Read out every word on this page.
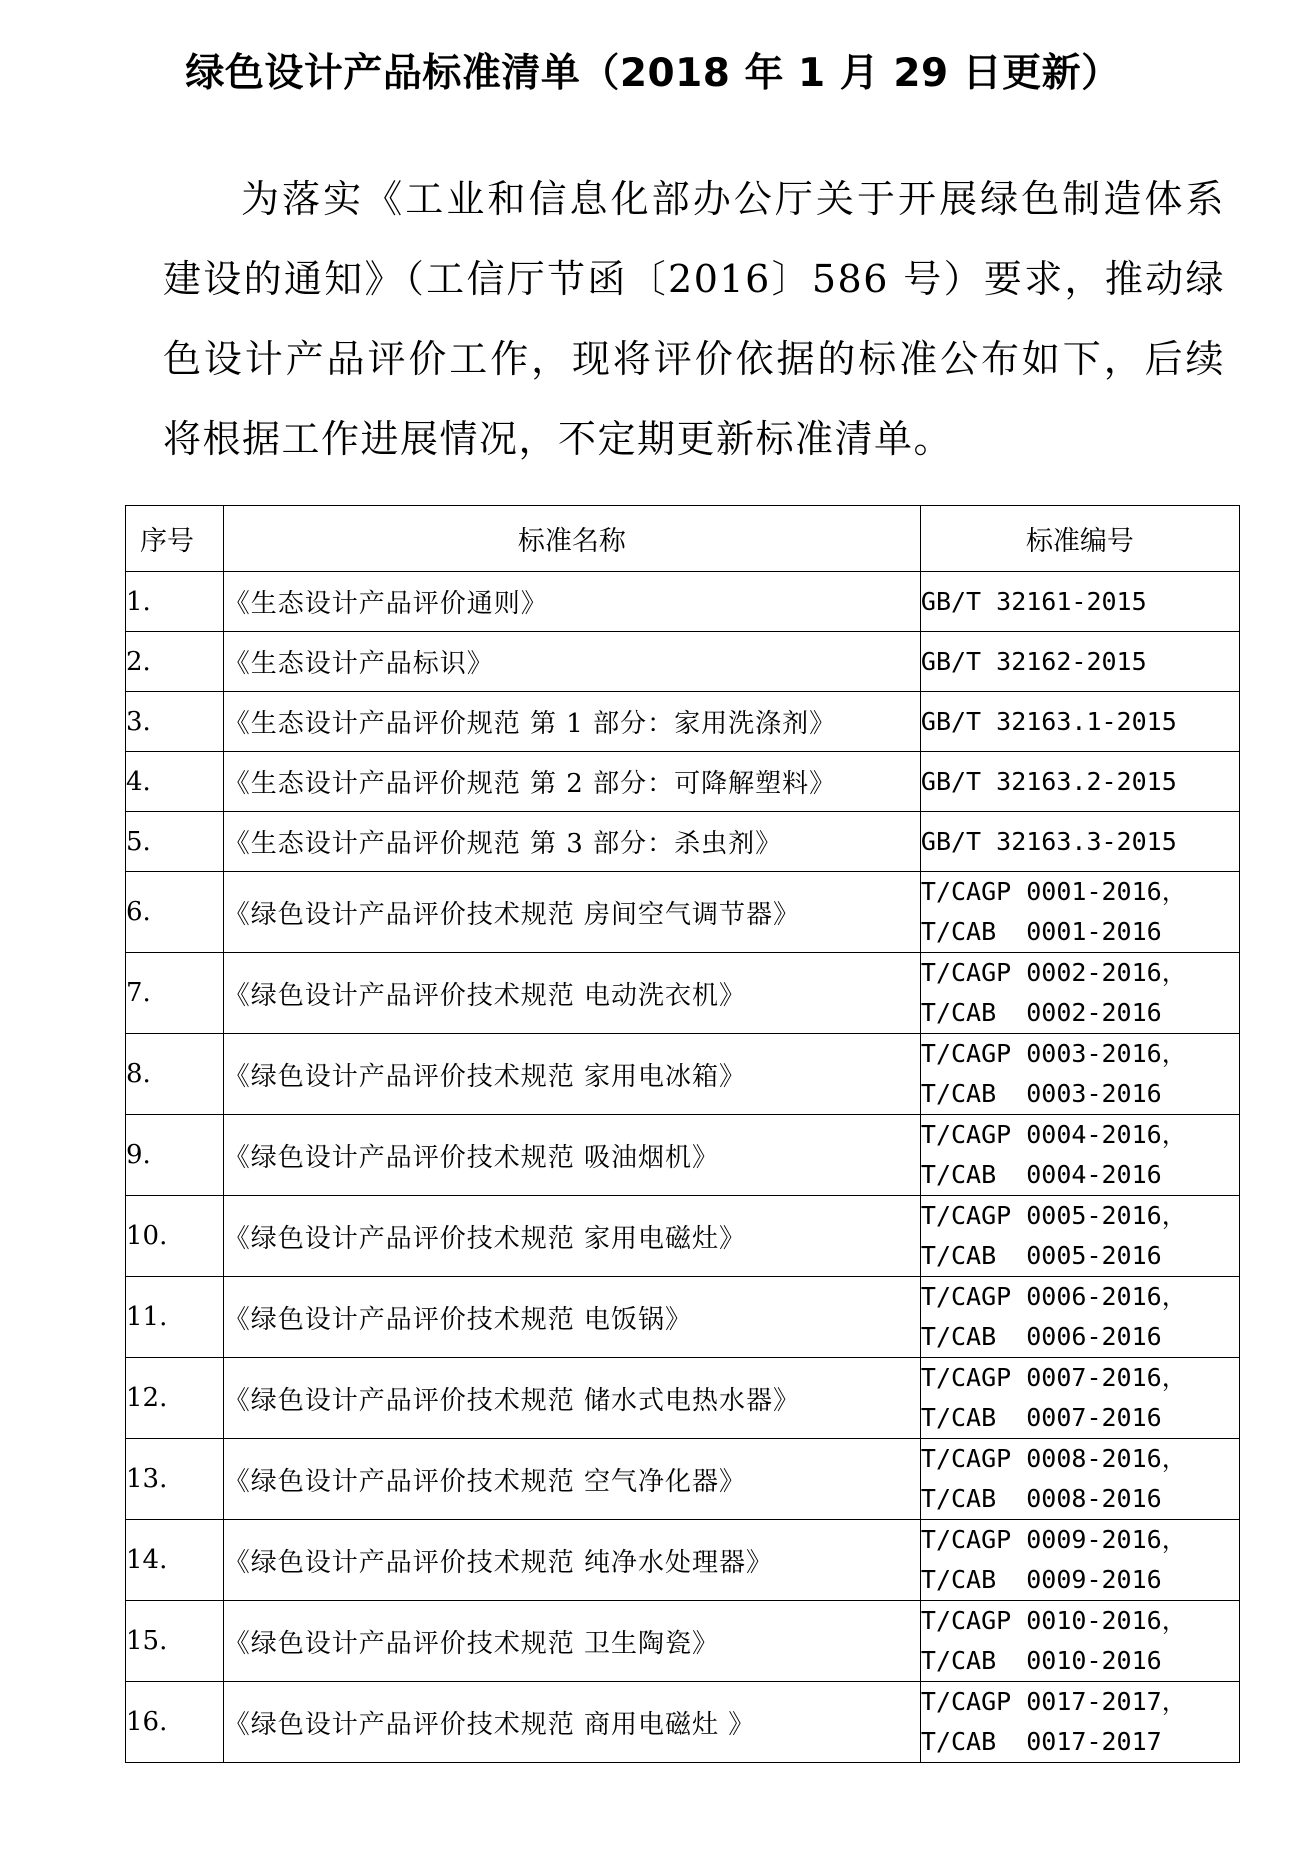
绿色设计产品标准清单（2018 年 1 月 29 日更新）

为落实《工业和信息化部办公厅关于开展绿色制造体系建设的通知》（工信厅节函〔2016〕586 号）要求，推动绿色设计产品评价工作，现将评价依据的标准公布如下，后续将根据工作进展情况，不定期更新标准清单。

序号	标准名称	标准编号
1.	《生态设计产品评价通则》	GB/T 32161-2015

2.	《生态设计产品标识》	GB/T 32162-2015

3.	《生态设计产品评价规范 第 1 部分：家用洗涤剂》	GB/T 32163.1-2015

4.	《生态设计产品评价规范 第 2 部分：可降解塑料》	GB/T 32163.2-2015

5.	《生态设计产品评价规范 第 3 部分：杀虫剂》	GB/T 32163.3-2015

6.	《绿色设计产品评价技术规范 房间空气调节器》	T/CAGP 0001-2016，
T/CAB  0001-2016

7.	《绿色设计产品评价技术规范 电动洗衣机》	T/CAGP 0002-2016，
T/CAB  0002-2016

8.	《绿色设计产品评价技术规范 家用电冰箱》	T/CAGP 0003-2016，
T/CAB  0003-2016

9.	《绿色设计产品评价技术规范 吸油烟机》	T/CAGP 0004-2016，
T/CAB  0004-2016

10.	《绿色设计产品评价技术规范 家用电磁灶》	T/CAGP 0005-2016，
T/CAB  0005-2016

11.	《绿色设计产品评价技术规范 电饭锅》	T/CAGP 0006-2016，
T/CAB  0006-2016

12.	《绿色设计产品评价技术规范 储水式电热水器》	T/CAGP 0007-2016，
T/CAB  0007-2016

13.	《绿色设计产品评价技术规范 空气净化器》	T/CAGP 0008-2016，
T/CAB  0008-2016

14.	《绿色设计产品评价技术规范 纯净水处理器》	T/CAGP 0009-2016，
T/CAB  0009-2016

15.	《绿色设计产品评价技术规范 卫生陶瓷》	T/CAGP 0010-2016，
T/CAB  0010-2016

16.	《绿色设计产品评价技术规范 商用电磁灶 》	T/CAGP 0017-2017，
T/CAB  0017-2017
